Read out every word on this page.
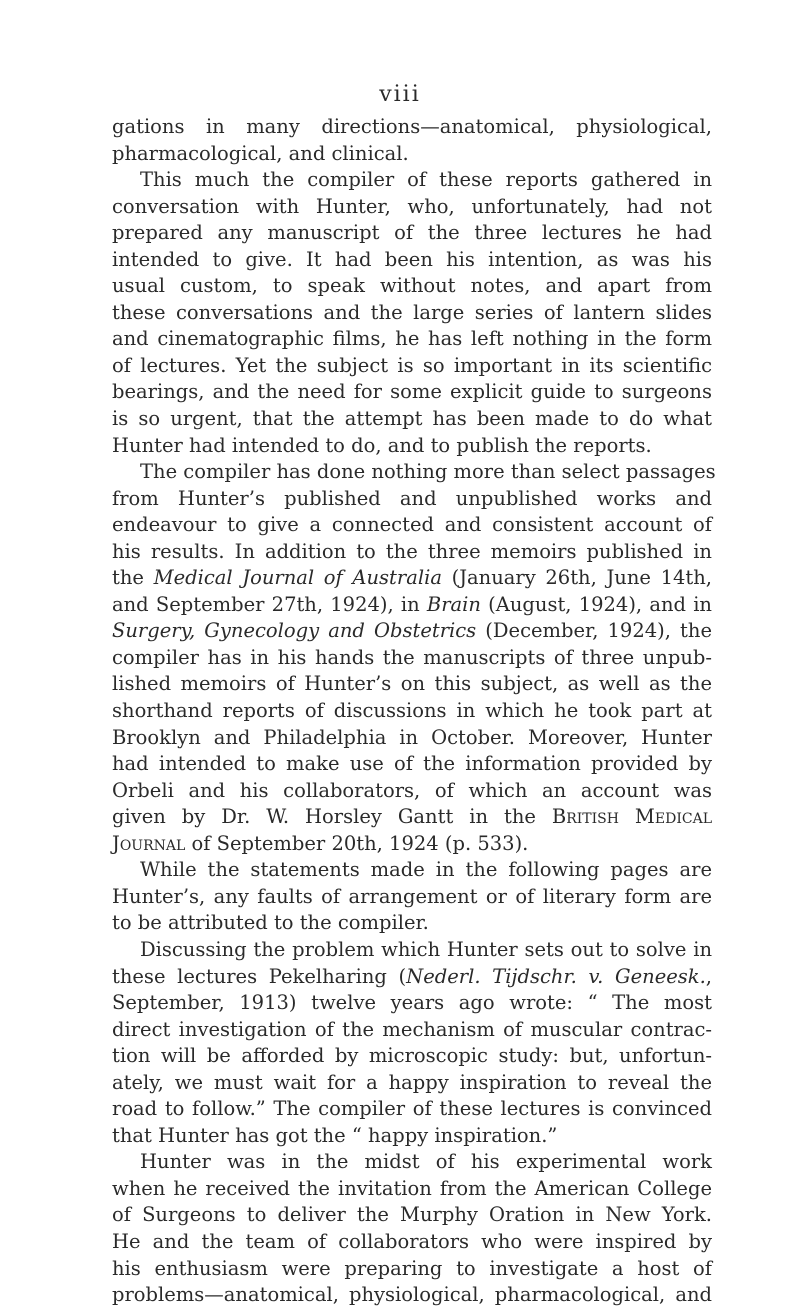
viii
gations in many directions—anatomical, physiological,
pharmacological, and clinical.
This much the compiler of these reports gathered in
conversation with Hunter, who, unfortunately, had not
prepared any manuscript of the three lectures he had
intended to give. It had been his intention, as was his
usual custom, to speak without notes, and apart from
these conversations and the large series of lantern slides
and cinematographic films, he has left nothing in the form
of lectures. Yet the subject is so important in its scientific
bearings, and the need for some explicit guide to surgeons
is so urgent, that the attempt has been made to do what
Hunter had intended to do, and to publish the reports.
The compiler has done nothing more than select passages
from Hunter’s published and unpublished works and
endeavour to give a connected and consistent account of
his results. In addition to the three memoirs published in
the Medical Journal of Australia (January 26th, June 14th,
and September 27th, 1924), in Brain (August, 1924), and in
Surgery, Gynecology and Obstetrics (December, 1924), the
compiler has in his hands the manuscripts of three unpub-
lished memoirs of Hunter’s on this subject, as well as the
shorthand reports of discussions in which he took part at
Brooklyn and Philadelphia in October. Moreover, Hunter
had intended to make use of the information provided by
Orbeli and his collaborators, of which an account was
given by Dr. W. Horsley Gantt in the British Medical
Journal of September 20th, 1924 (p. 533).
While the statements made in the following pages are
Hunter’s, any faults of arrangement or of literary form are
to be attributed to the compiler.
Discussing the problem which Hunter sets out to solve in
these lectures Pekelharing (Nederl. Tijdschr. v. Geneesk.,
September, 1913) twelve years ago wrote: “ The most
direct investigation of the mechanism of muscular contrac-
tion will be afforded by microscopic study: but, unfortun-
ately, we must wait for a happy inspiration to reveal the
road to follow.” The compiler of these lectures is convinced
that Hunter has got the “ happy inspiration.”
Hunter was in the midst of his experimental work
when he received the invitation from the American College
of Surgeons to deliver the Murphy Oration in New York.
He and the team of collaborators who were inspired by
his enthusiasm were preparing to investigate a host of
problems—anatomical, physiological, pharmacological, and
